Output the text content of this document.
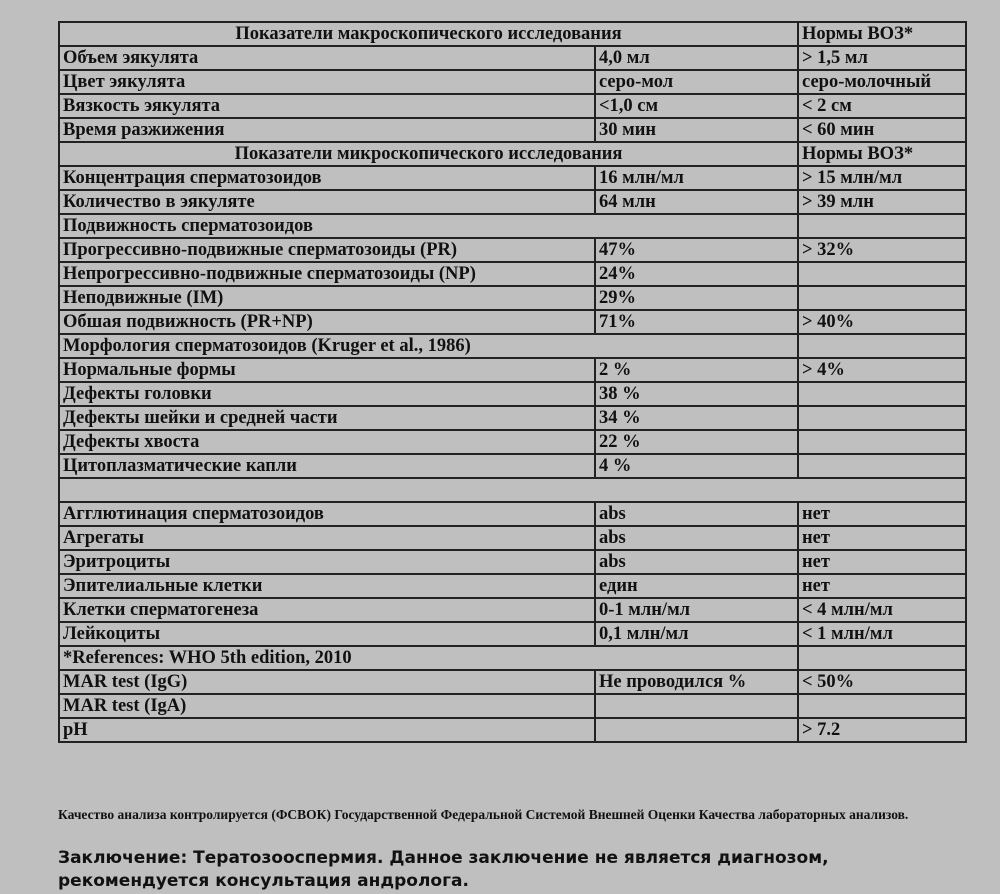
Показатели макроскопического исследования		Нормы ВОЗ*
Объем эякулята	4,0 мл	> 1,5 мл
Цвет эякулята	серо-мол	серо-молочный
Вязкость эякулята	<1,0 см	< 2 см
Время разжижения	30 мин	< 60 мин
Показатели микроскопического исследования		Нормы ВОЗ*
Концентрация сперматозоидов	16 млн/мл	> 15 млн/мл
Количество в эякуляте	64 млн	> 39 млн
Подвижность сперматозоидов		
Прогрессивно-подвижные сперматозоиды (PR)	47%	> 32%
Непрогрессивно-подвижные сперматозоиды (NP)	24%	
Неподвижные (IM)	29%	
Обшая подвижность (PR+NP)	71%	> 40%
Морфология сперматозоидов (Kruger et al., 1986)		
Нормальные формы	2 %	> 4%
Дефекты головки	38 %	
Дефекты шейки и средней части	34 %	
Дефекты хвоста	22 %	
Цитоплазматические капли	4 %	

Агглютинация сперматозоидов	abs	нет
Агрегаты	abs	нет
Эритроциты	abs	нет
Эпителиальные клетки	един	нет
Клетки сперматогенеза	0-1 млн/мл	< 4 млн/мл
Лейкоциты	0,1 млн/мл	< 1 млн/мл
*References: WHO 5th edition, 2010		
MAR test (IgG)	Не проводился %	< 50%
MAR test (IgA)		
pH		> 7.2
Качество анализа контролируется (ФСВОК) Государственной Федеральной Системой Внешней Оценки Качества лабораторных анализов.
Заключение: Тератозооспермия. Данное заключение не является диагнозом, рекомендуется консультация андролога.
